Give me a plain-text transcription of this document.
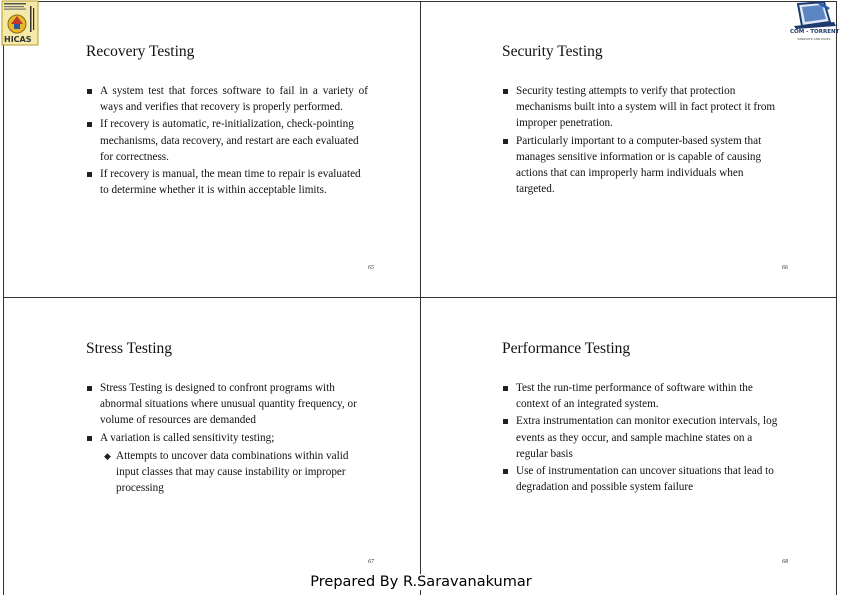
HICAS
COM - TORRENT
INNOVATE AND EXCEL
Recovery Testing
A system test that forces software to fail in a variety of ways and verifies that recovery is properly performed.
If recovery is automatic, re-initialization, check-pointing mechanisms, data recovery, and restart are each evaluated for correctness.
If recovery is manual, the mean time to repair is evaluated to determine whether it is within acceptable limits.
65
Security Testing
Security testing attempts to verify that protection mechanisms built into a system will in fact protect it from improper penetration.
Particularly important to a computer-based system that manages sensitive information or is capable of causing actions that can improperly harm individuals when targeted.
66
Stress Testing
Stress Testing is designed to confront programs with abnormal situations where unusual quantity frequency, or volume of resources are demanded
A variation is called sensitivity testing;
◆ Attempts to uncover data combinations within valid input classes that may cause instability or improper processing
67
Performance Testing
Test the run-time performance of software within the context of an integrated system.
Extra instrumentation can monitor execution intervals, log events as they occur, and sample machine states on a regular basis
Use of instrumentation can uncover situations that lead to degradation and possible system failure
68
Prepared By R.Saravanakumar
